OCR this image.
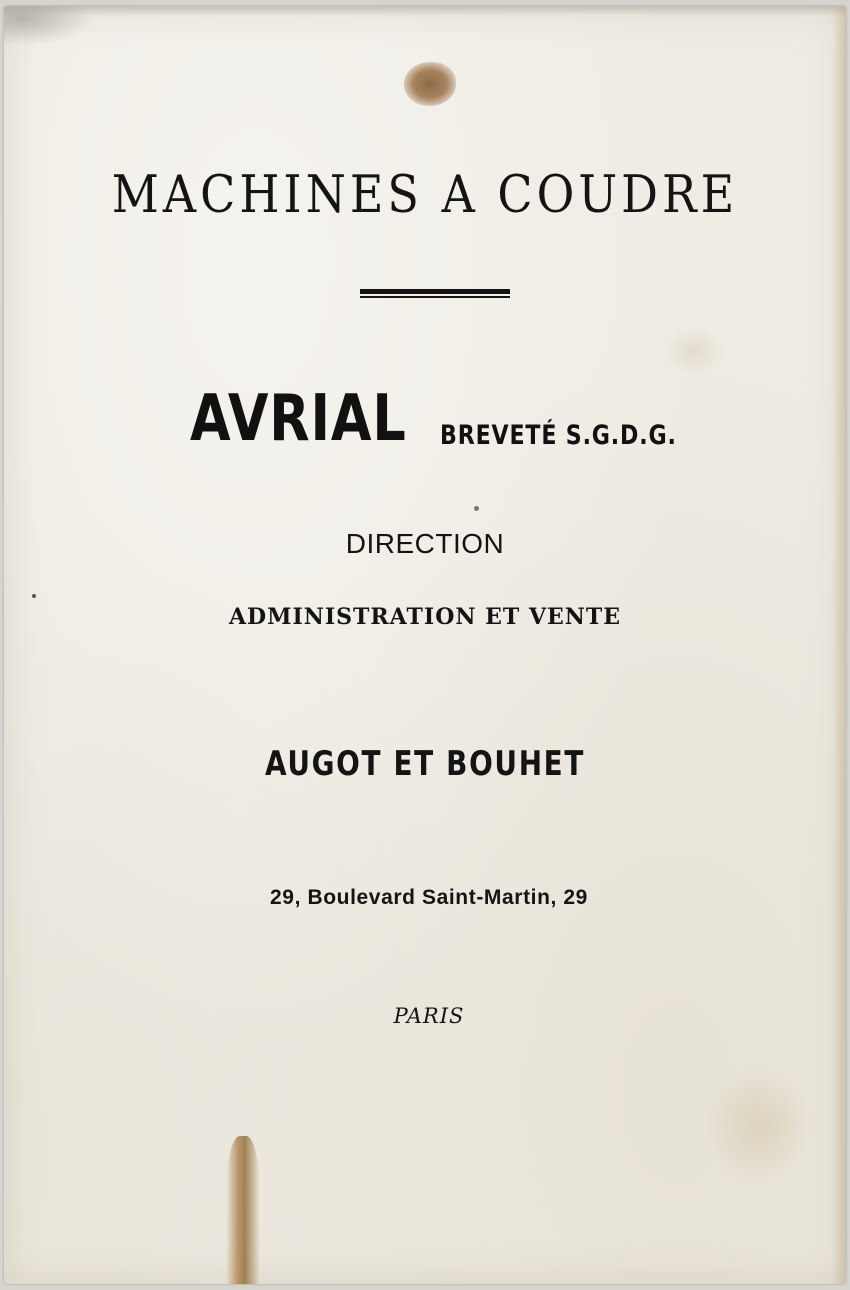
MACHINES A COUDRE
AVRIAL BREVETÉ S.G.D.G.
DIRECTION
ADMINISTRATION ET VENTE
AUGOT ET BOUHET
29, Boulevard Saint-Martin, 29
PARIS
